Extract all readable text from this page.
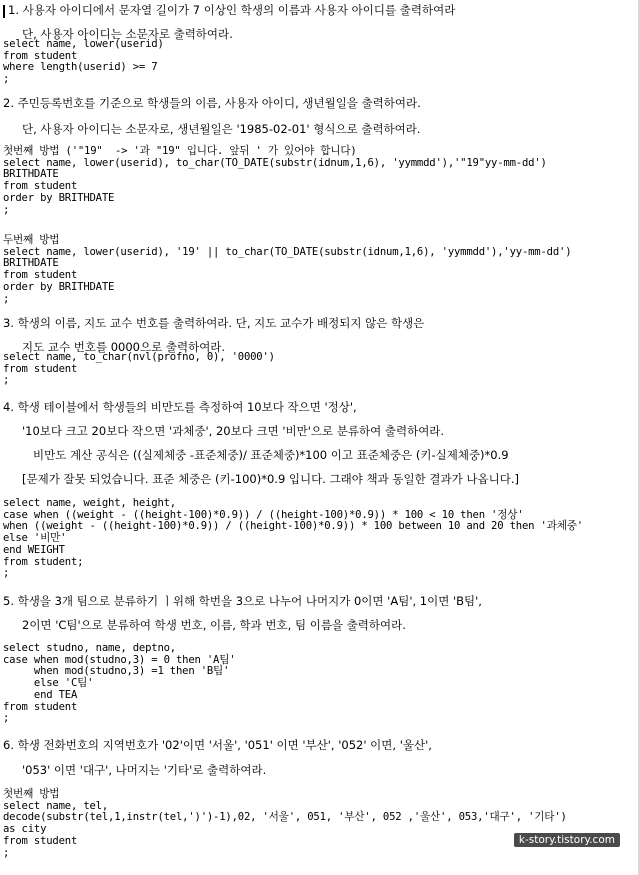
1. 사용자 아이디에서 문자열 길이가 7 이상인 학생의 이름과 사용자 아이디를 출력하여라
단, 사용자 아이디는 소문자로 출력하여라.
select name, lower(userid)
from student
where length(userid) >= 7
;
2. 주민등록번호를 기준으로 학생들의 이름, 사용자 아이디, 생년월일을 출력하여라.
단, 사용자 아이디는 소문자로, 생년월일은 '1985-02-01' 형식으로 출력하여라.
첫번째 방법 ('"19"  -> '과 "19" 입니다. 앞뒤 ' 가 있어야 합니다)
select name, lower(userid), to_char(TO_DATE(substr(idnum,1,6), 'yymmdd'),'"19"yy-mm-dd')
BRITHDATE
from student
order by BRITHDATE
;
두번째 방법
select name, lower(userid), '19' || to_char(TO_DATE(substr(idnum,1,6), 'yymmdd'),'yy-mm-dd')
BRITHDATE
from student
order by BRITHDATE
;
3. 학생의 이름, 지도 교수 번호를 출력하여라. 단, 지도 교수가 배정되지 않은 학생은
지도 교수 번호를 0000으로 출력하여라.
select name, to_char(nvl(profno, 0), '0000')
from student
;
4. 학생 테이블에서 학생들의 비만도를 측정하여 10보다 작으면 '정상',
'10보다 크고 20보다 작으면 '과체중', 20보다 크면 '비만'으로 분류하여 출력하여라.
비만도 계산 공식은 ((실제체중 -표준체중)/ 표준체중)*100 이고 표준체중은 (키-실제체중)*0.9
[문제가 잘못 되었습니다. 표준 체중은 (키-100)*0.9 입니다. 그래야 책과 동일한 결과가 나옵니다.]
select name, weight, height,
case when ((weight - ((height-100)*0.9)) / ((height-100)*0.9)) * 100 < 10 then '정상'
when ((weight - ((height-100)*0.9)) / ((height-100)*0.9)) * 100 between 10 and 20 then '과체중'
else '비만'
end WEIGHT
from student;
;
5. 학생을 3개 팀으로 분류하기 ㅣ위해 학번을 3으로 나누어 나머지가 0이면 'A팀', 1이면 'B팀',
2이면 'C팀'으로 분류하여 학생 번호, 이름, 학과 번호, 팀 이름을 출력하여라.
select studno, name, deptno,
case when mod(studno,3) = 0 then 'A팀'
when mod(studno,3) =1 then 'B팀'
else 'C팀'
end TEA
from student
;
6. 학생 전화번호의 지역번호가 '02'이면 '서울', '051' 이면 '부산', '052' 이면, '울산',
'053' 이면 '대구', 나머지는 '기타'로 출력하여라.
첫번째 방법
select name, tel,
decode(substr(tel,1,instr(tel,')')-1),02, '서울', 051, '부산', 052 ,'울산', 053,'대구', '기타')
as city
from student
;
k-story.tistory.com
